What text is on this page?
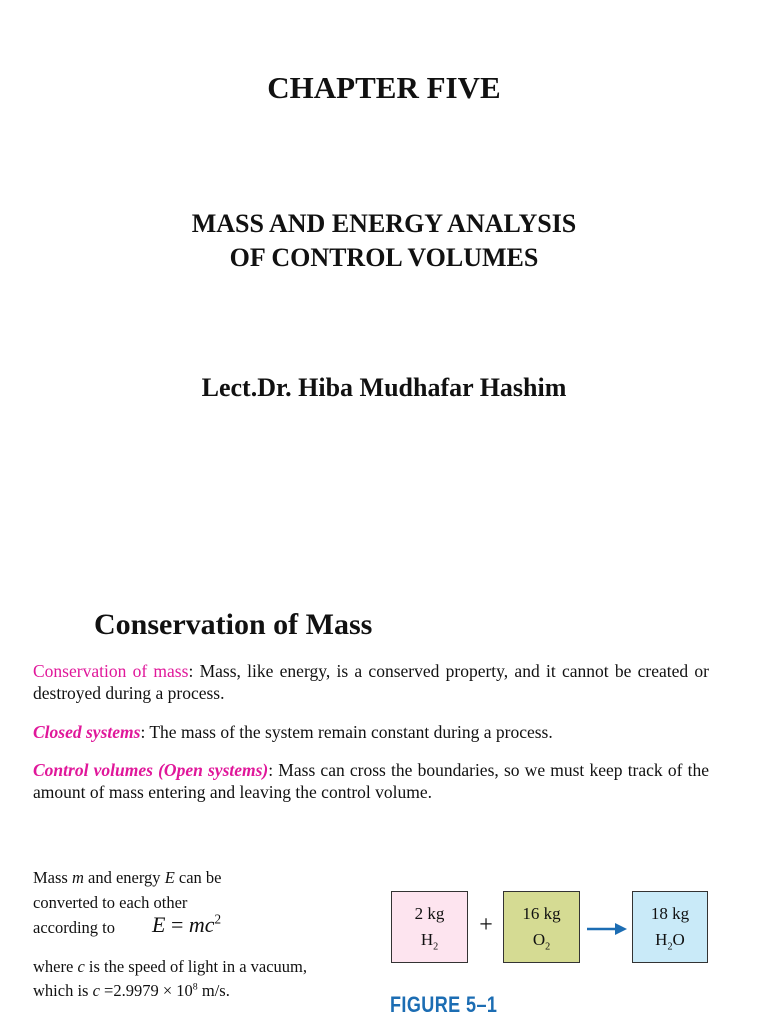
CHAPTER FIVE
MASS AND ENERGY ANALYSIS
OF CONTROL VOLUMES
Lect.Dr. Hiba Mudhafar Hashim
Conservation of Mass
Conservation of mass: Mass, like energy, is a conserved property, and it cannot be created or destroyed during a process.
Closed systems: The mass of the system remain constant during a process.
Control volumes (Open systems): Mass can cross the boundaries, so we must keep track of the amount of mass entering and leaving the control volume.
Mass m and energy E can be
converted to each other
according to	$E = mc^2$
where c is the speed of light in a vacuum,
which is $c =2.9979 \times 10^8$ m/s.
2 kg
$H_2$
+	16 kg
$O_2$
18 kg
$H_2O$
FIGURE 5–1
